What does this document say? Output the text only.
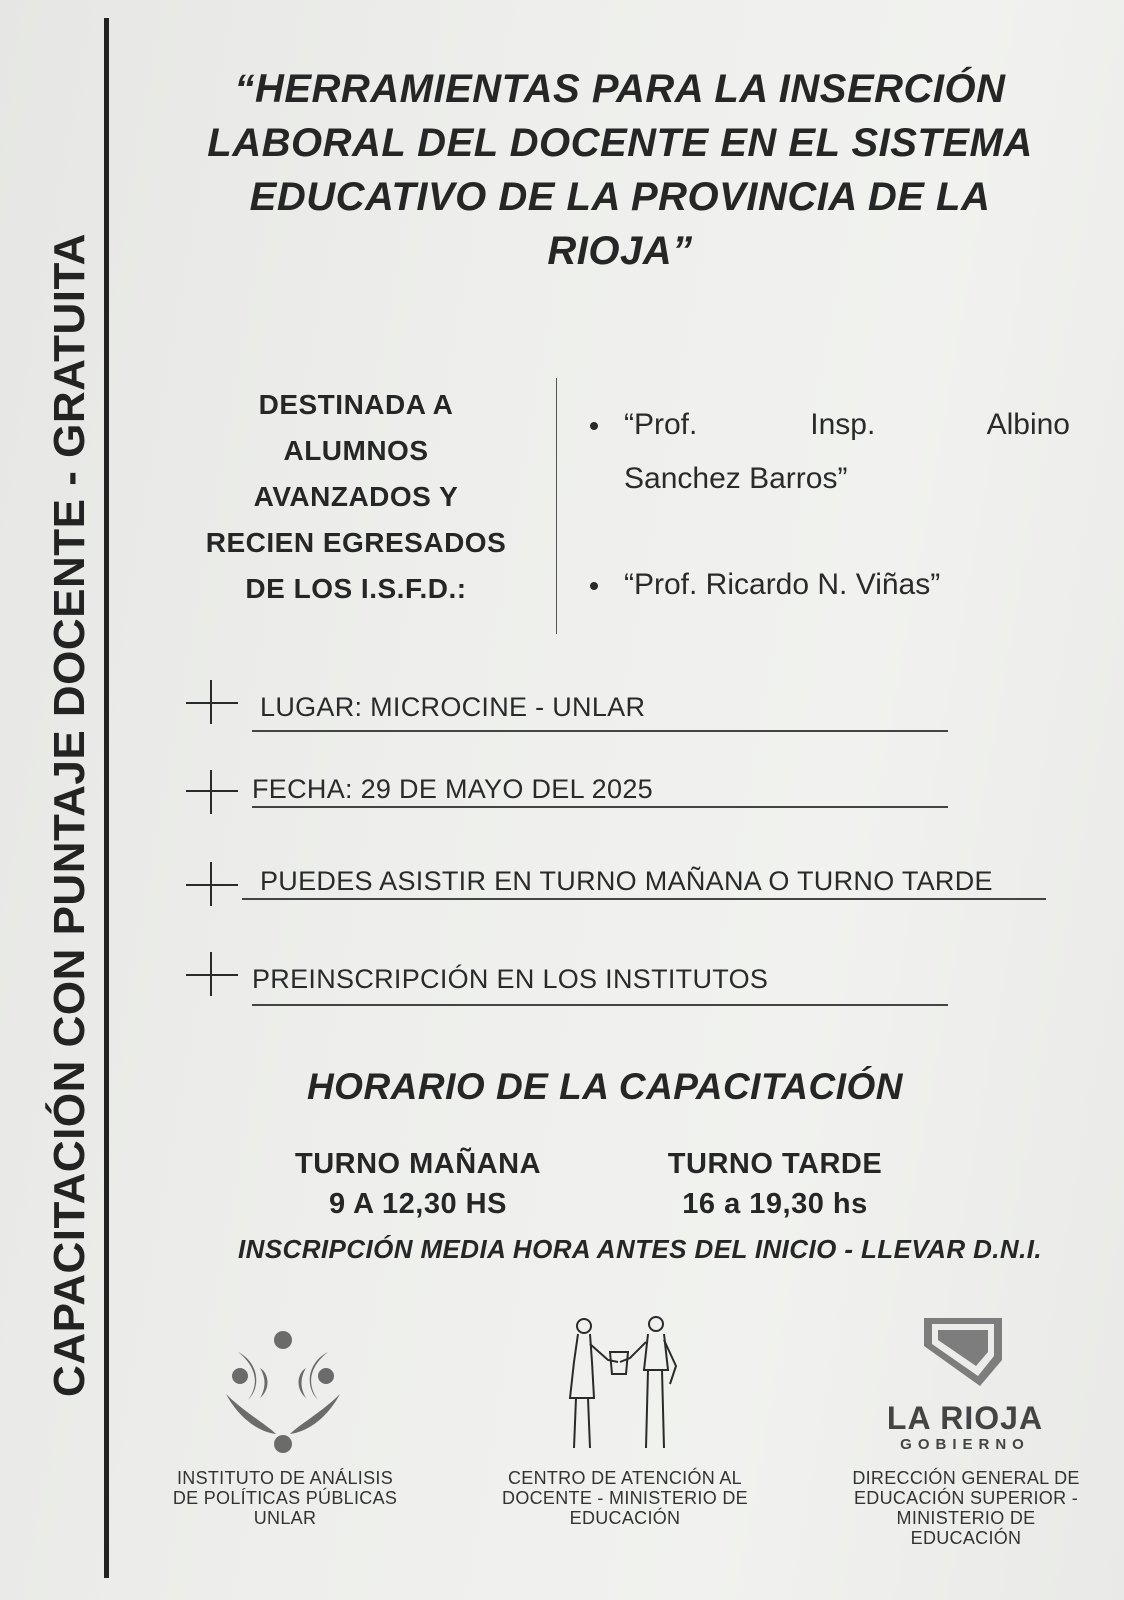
CAPACITACIÓN CON PUNTAJE DOCENTE - GRATUITA
“HERRAMIENTAS PARA LA INSERCIÓN
LABORAL DEL DOCENTE EN EL SISTEMA
EDUCATIVO DE LA PROVINCIA DE LA
RIOJA”
DESTINADA A
ALUMNOS
AVANZADOS Y
RECIEN EGRESADOS
DE LOS I.S.F.D.:
“Prof. Insp. Albino
Sanchez Barros”
“Prof. Ricardo N. Viñas”
LUGAR: MICROCINE - UNLAR
FECHA: 29 DE MAYO DEL 2025
PUEDES ASISTIR EN TURNO MAÑANA O TURNO TARDE
PREINSCRIPCIÓN EN LOS INSTITUTOS
HORARIO DE LA CAPACITACIÓN
TURNO MAÑANA
9 A 12,30 HS
TURNO TARDE
16 a 19,30 hs
INSCRIPCIÓN MEDIA HORA ANTES DEL INICIO - LLEVAR D.N.I.
INSTITUTO DE ANÁLISIS
DE POLÍTICAS PÚBLICAS
UNLAR
CENTRO DE ATENCIÓN AL
DOCENTE - MINISTERIO DE
EDUCACIÓN
LA RIOJA
GOBIERNO
DIRECCIÓN GENERAL DE
EDUCACIÓN SUPERIOR -
MINISTERIO DE
EDUCACIÓN
